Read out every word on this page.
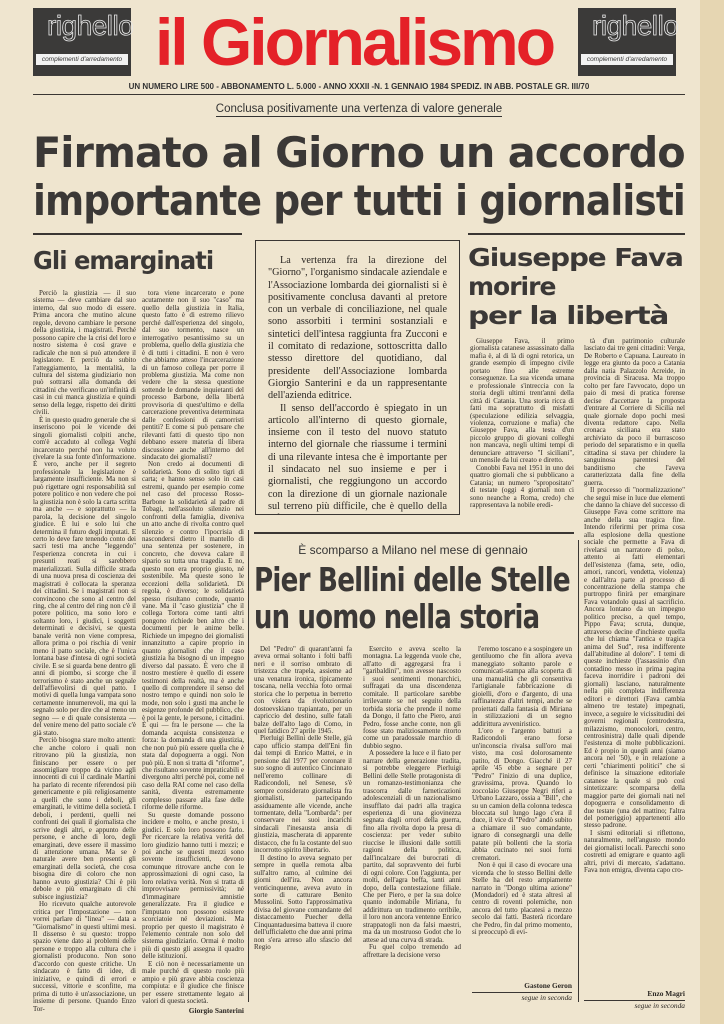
righello
complementi d'arredamento il Giornalismo righello
complementi d'arredamento
UN NUMERO LIRE 500 - ABBONAMENTO L. 5.000 - ANNO XXXII -N. 1 GENNAIO 1984 SPEDIZ. IN ABB. POSTALE GR. III/70
Conclusa positivamente una vertenza di valore generale
Firmato al Giorno un accordo
importante per tutti i giornalisti
Gli emarginati

Perciò la giustizia — il suo sistema — deve cambiare dal suo interno, dal suo modo di essere. Prima ancora che mutino alcune regole, devono cambiare le persone della giustizia, i magistrati. Perché possono capire che la crisi del loro e nostro sistema è così grave e radicale che non si può attendere il legislatore. E perciò da subito l'atteggiamento, la mentalità, la cultura del sistema giudiziario non può sottrarsi alla domanda dei cittadini che verificano un'infinità di casi in cui manca giustizia e quindi senso della legge, rispetto dei diritti civili.

È in questo quadro generale che si inseriscono poi le vicende dei singoli giornalisti colpiti anche, com'è accaduto al collega Veghi incarcerato perché non ha voluto rivelare la sua fonte d'informazione. È vero, anche per il segreto professionale la legislazione è largamente insufficiente. Ma non si può rigettare ogni responsabilità sul potere politico e non vedere che poi la giustizia non è solo la carta scritta ma anche — e soprattutto — la parola, la decisione del singolo giudice. È lui e solo lui che determina il futuro degli imputati. E certo lo deve fare tenendo conto dei sacri testi ma anche "leggendo" l'esperienza concreta in cui i presunti reati si sarebbero materializzati. Sulla difficile strada di una nuova presa di coscienza dei magistrati è collocata la speranza dei cittadini. Se i magistrati non si convincono che sono al centro del ring, che al centro del ring non c'è il potere politico, ma sono loro e soltanto loro, i giudici, i soggetti determinati e decisivi, se questa banale verità non viene compresa, allora prima o poi rischia di venir meno il patto sociale, che è l'unica lontana base d'intesa di ogni società civile. E se si guarda bene dentro gli anni di piombo, si scorge che il terrorismo è stato anche un segnale dell'affievolirsi di quel patto. I motivi di quella lunga vampata sono certamente innumerevoli, ma qui la segnalo solo per dire che al meno un segno — e di quale consistenza — del venire meno del patto sociale c'è già stato.

Perciò bisogna stare molto attenti: che anche coloro i quali non ritrovano più la giustizia, non finiscano per essere o per assomigliare troppo da vicino agli innocenti di cui il cardinale Martini ha parlato di recente riferendosi più genericamente e più religiosamente a quelli che sono i deboli, gli emarginati, le vittime della società. I deboli, i perdenti, quelli nei confronti dei quali il giornalista che scrive degli altri, e appunto delle persone, e anche di loro, degli emarginati, deve essere il massimo di attenzione umana. Ma se è naturale avere ben presenti gli emarginati della società, che cosa bisogna dire di coloro che non hanno avuto giustizia? Chi è più debole e più emarginato di chi subisce ingiustizia?

Ho ricevuto qualche autorevole critica per l'impostazione — non vorrei parlare di "linea" — data a "Giornalismo" in questi ultimi mesi. Il dissenso è su questo: troppo spazio viene dato ai problemi delle persone e troppo alla cultura che i giornalisti producono. Non sono d'accordo con queste critiche. Un sindacato è fatto di idee, di iniziative, e quindi di errori e successi, vittorie e sconfitte, ma prima di tutto è un'associazione, un insieme di persone. Quando Enzo Tor-

tora viene incarcerato e pone acutamente non il suo "caso" ma quello della giustizia in Italia, questo fatto è di estremo rilievo perché dall'esperienza del singolo, dal suo tormento, nasce un interrogativo pesantissimo su un problema, quello della giustizia che è di tutti i cittadini. E non è vero che abbiamo atteso l'incarcerazione di un famoso collega per porre il problema giustizia. Ma come non vedere che la stessa questione sottende le domande inquietanti del processo Barbone, della libertà provvisoria di quest'ultimo e della carcerazione preventiva determinata dalle confessioni di camorristi pentiti? E come si può pensare che rilevanti fatti di questo tipo non debbano essere materia di libera discussione anche all'interno del sindacato dei giornalisti?

Non credo ai documenti di solidarietà. Sono di solito tigri di carta; e hanno senso solo in casi estremi, quando per esempio come nel caso del processo Rosso-Barbone la solidarietà al padre di Tobagi, nell'assoluto silenzio nei confronti della famiglia, diveniva un atto anche di rivolta contro quel silenzio e contro l'ipocrisia di nascondersi dietro il mantello di una sentenza per sostenere, in concreto, che doveva calare il sipario su tutta una tragedia. E no, questo non era proprio giusto, né sostenibile. Ma queste sono le eccezioni della solidarietà. Di regola, è diverso; le solidarietà spesso risultano comode, quanto vane. Ma il "caso giustizia" che il collega Tortora come tanti altri pongono richiede ben altro che i documenti per le anime belle. Richiede un impegno dei giornalisti innanzitutto a capire proprio in quanto giornalisti che il caso giustizia ha bisogno di un impegno diverso dal passato. È vero che il nostro mestiere è quello di essere testimoni della realtà, ma è anche quello di comprendere il senso del nostro tempo e quindi non solo le mode, non solo i gusti ma anche le esigenze profonde del pubblico, che è poi la gente, le persone, i cittadini. È qui — fra le persone — che la domanda acquista consistenza e forza: la domanda di una giustizia, che non può più essere quella che è stata dal dopoguerra a oggi. Non può più. E non si tratta di "riforme", che risultano sovente impraticabili e divergono altri perché poi, come nel caso della RAI come nel caso della sanità, diventa estremamente complesso passare alla fase delle riforme delle riforme.

Su queste domande possono incidere e molto, e anche presto, i giudici. E solo loro possono farlo. Per ricercare la relativa verità del loro giudizio hanno tutti i mezzi; e poi anche se questi mezzi sono sovente insufficienti, devono comunque ritrovare anche con le approssimazioni di ogni caso, la loro relativa verità. Non si tratta di improvvisare permissività; né d'immaginare amnistie generalizzate. Fra il giudice e l'imputato non possono esistere scorciatoie né deviazioni. Ma proprio per questo il magistrato è l'elemento centrale non solo del sistema giudiziario. Ormai è molto più di questo gli assegna il quadro delle istituzioni.

E ciò non è necessariamente un male purché di questo ruolo più ampio e più grave abbia coscienza compiuta: e il giudice che finisce per essere strettamente legato ai valori di questa società.

Giorgio Santerini

La vertenza fra la direzione del "Giorno", l'organismo sindacale aziendale e l'Associazione lombarda dei giornalisti si è positivamente conclusa davanti al pretore con un verbale di conciliazione, nel quale sono assorbiti i termini sostanziali e sintetici dell'intesa raggiunta fra Zucconi e il comitato di redazione, sottoscritta dallo stesso direttore del quotidiano, dal presidente dell'Associazione lombarda Giorgio Santerini e da un rappresentante dell'azienda editrice.

Il senso dell'accordo è spiegato in un articolo all'interno di questo giornale, insieme con il testo del nuovo statuto interno del giornale che riassume i termini di una rilevante intesa che è importante per il sindacato nel suo insieme e per i giornalisti, che reggiungono un accordo con la direzione di un giornale nazionale sul terreno più difficile, che è quello della

Giuseppe Fava
morire
per la libertà

Giuseppe Fava, il primo giornalista catanese assassinato dalla mafia è, al di là di ogni retorica, un grande esempio di impegno civile portato fino alle estreme conseguenze. La sua vicenda umana e professionale s'intreccia con la storia degli ultimi trent'anni della città di Catania. Una storia ricca di fatti ma soprattutto di misfatti (speculazione edilizia selvaggia, violenza, corruzione e mafia) che Giuseppe Fava, alla testa d'un piccolo gruppo di giovani colleghi non mancava, negli ultimi tempi di denunciare attraverso "I siciliani", un mensile da lui creato e diretto.

Conobbi Fava nel 1951 in uno dei quattro giornali che si pubblicano a Catania; un numero "spropositato" di testate (oggi 4 giornali non ci sono neanche a Roma, credo) che rappresentava la nobile eredi-

tà d'un patrimonio culturale lasciato dai tre geni cittadini: Verga, De Roberto e Capuana. Laureato in legge era giunto da poco a Catania dalla natia Palazzolo Acreide, in provincia di Siracusa. Ma troppo colto per fare l'avvocato, dopo un paio di mesi di pratica forense decise d'accettare la proposta d'entrare al Corriere di Sicilia nel quale giornale dopo pochi mesi diventa redattore capo. Nella cronaca siciliana era stato archiviato da poco il burrascoso periodo del separatismo e in quella cittadina si stava per chiudere la sanguinosa parentesi del banditismo che l'aveva caratterizzata dalla fine della guerra.

Il processo di "normalizzazione" che seguì mise in luce due elementi che danno la chiave del successo di Giuseppe Fava come scrittore ma anche della sua tragica fine. Intendo riferirmi per prima cosa alla esplosione della questione sociale che permette a Fava di rivelarsi un narratore di polso, attento ai fatti elementari dell'esistenza (fama, sete, odio, amori, rancori, vendetta, violenza) e dall'altra parte al processo di concentrazione della stampa che purtroppo finirà per emarginare Fava votandolo quasi al sacrificio. Ancora lontano da un impegno politico preciso, a quel tempo, Pippo Fava; scruta, dunque, attraverso decine d'inchieste quella che lui chiama "l'antica e tragica anima del Sud", resa indifferente dall'abitudine al dolore". I temi di queste inchieste (l'assassinio d'un contadino messo in prima pagina faceva inorridire i padroni dei giornali) lasciano, naturalmente nella più completa indifferenza editori e direttori (Fava cambia almeno tre testate) impegnati, invece, a seguire le vicissitudini dei governi regionali (centrodestra, milazzismo, monocolori, centro, centrosinistra) dalle quali dipende l'esistenza di molte pubblicazioni. Ed è propio in quegli anni (siamo ancora nel '50), e in relazione a certi "chiarimenti politici" che si definisce la situazione editoriale catanese la quale si può così sintetizzare: scomparsa della maggior parte dei giornali nati nel dopoguerra e consolidamento di due testate (una del mattino; l'altra del pomeriggio) appartenenti allo stesso padrone.

I sismi editoriali si riflettono, naturalmente, nell'angusto mondo dei giornalisti locali. Parecchi sono costretti ad emigrare e quanto agli altri, privi di mercato, s'adattano. Fava non emigra, diventa capo cro-

Enzo Magri
segue in seconda
È scomparso a Milano nel mese di gennaio
Pier Bellini delle Stelle
un uomo nella storia

Del "Pedro" di quarant'anni fa aveva ormai soltanto i folti baffi neri e il sorriso ombrato di tristezza che trapela, assieme ad una venatura ironica, tipicamente toscana, nella vecchia foto ormai storica che lo perpetua in berretto con visiera da rivoluzionario dostoevskiano trapiantato, per un capriccio del destino, sulle fatali balze dell'alto lago di Como, in quel fatidico 27 aprile 1945.

Pierluigi Bellini delle Stelle, già capo ufficio stampa dell'Eni fin dai tempi di Enrico Mattei, e in pensione dal 1977 per coronare il suo sogno di autentico Cincinnato nell'eremo collinare di Radicondoli, nel Senese, s'è sempre considerato giornalista fra giornalisti, partecipando assiduamente alle vicende, anche tormentate, della "Lombarda": per conservare nei suoi incarichi sindacali l'inesausta ansia di giustizia, mascherata di apparente distacco, che fu la costante del suo incorrotto spirito libertario.

Il destino lo aveva segnato per sempre in quella remota alba sull'altro ramo, al culmine dei giorni dell'ira. Non ancora venticinquenne, aveva avuto in sorte di catturare Benito Mussolini. Sotto l'approssimativa divisa del giovane comandante del distaccamento Puecher della Cinquantaduesima batteva il cuore dell'ufficialetto che due anni prima non s'era arreso allo sfascio del Regio

Esercito e aveva scelto la montagna. La leggenda vuole che, all'atto di aggregarsi fra i "garibaldini", non avesse nascosto i suoi sentimenti monarchici, suffragati da una discendenza comitale. Il particolare sarebbe irrilevante se nel seguito della torbida storia che prende il nome da Dongo, il fatto che Piero, anzi Pedro, fosse anche conte, non gli fosse stato maliziosamente ritorto come un paradossale marchio di dubbio segno.

A possedere la luce e il fiato per narrare della generazione tradita, si potrebbe eleggere Pierluigi Bellini delle Stelle protagonista di un romanzo-testimonianza che trascorra dalle farneticazioni adolescenziali di un nazionalismo insufflato dai padri alla tragica esperienza di una giovinezza segnata dagli orrori della guerra, fino alla rivolta dopo la presa di coscienza: per veder subito riuccise le illusioni dalle sottili ragioni della politica, dall'incalzare dei burocrati di partito, dal sopravvento dei furbi di ogni colore. Con l'aggiunta, per molti, dell'agra beffa, tanti anni dopo, della contestazione filiale. Che per Piero, e per la sua dolce quanto indomabile Miriana, fu addirittura un tradimento orribile, il loro non ancora ventenne Enrico strappatogli non da falsi maestri, ma da un mostruoso Godot che lo attese ad una curva di strada.

Fu quel colpo tremendo ad affrettare la decisione verso

l'eremo toscano e a sospingere un gentiluomo che fin allora aveva maneggiato soltanto parole e comunicati-stampa alla scoperta di una manualità che gli consentiva l'artigianale fabbricazione di gioielli, d'oro e d'argento, di una raffinatezza d'altri tempi, anche se proiettati dalla fantasia di Miriana in stilizzazioni di un segno addirittura avveniristico.

L'oro e l'argento battuti a Radicondoli erano forse un'inconscia rivalsa sull'oro mai visto, ma così dolorosamente patito, di Dongo. Giacché il 27 aprile '45 ebbe a segnare per "Pedro" l'inizio di una duplice, gravissima, prova. Quando lo zoccolaio Giuseppe Negri riferì a Urbano Lazzaro, ossia a "Bill", che su un camion della colonna tedesca bloccata sul lungo lago c'era il duce, il vice di "Pedro" andò subito a chiamare il suo comandante, ignaro di consegnargli una delle patate più bollenti che la storia abbia cucinato nei suoi forni crematori.

Non è qui il caso di evocare una vicenda che lo stesso Bellini delle Stelle ha del resto ampiamente narrato in "Dongo ultima azione" (Mondadori) ed è stata altresì al centro di roventi polemiche, non ancora del tutto placatesi a mezzo secolo dai fatti. Basterà ricordare che Pedro, fin dal primo momento, si preoccupò di evi-

Gastone Geron
segue in seconda
